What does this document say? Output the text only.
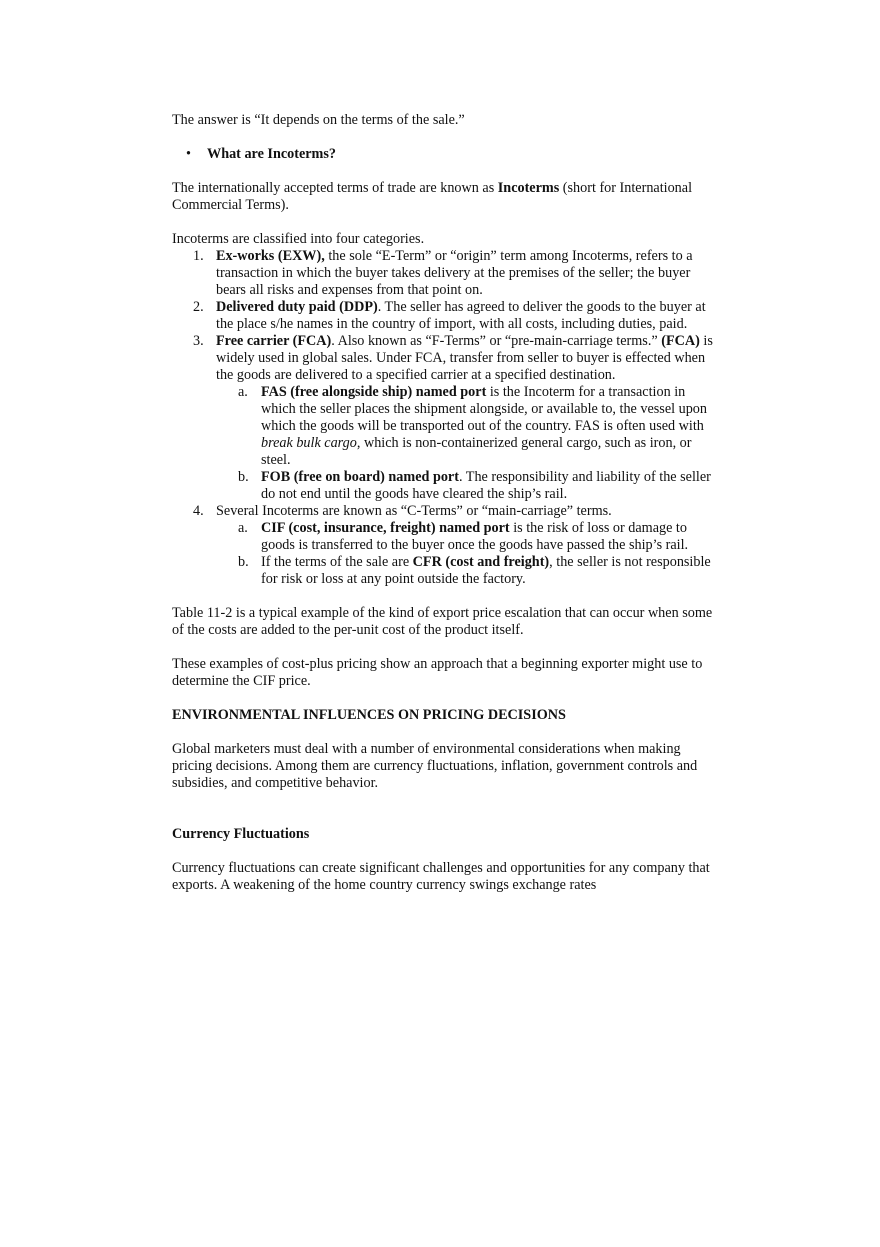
The answer is “It depends on the terms of the sale.”

• What are Incoterms?

The internationally accepted terms of trade are known as Incoterms (short for International Commercial Terms).

Incoterms are classified into four categories.

1. Ex-works (EXW), the sole “E-Term” or “origin” term among Incoterms, refers to a transaction in which the buyer takes delivery at the premises of the seller; the buyer bears all risks and expenses from that point on.
2. Delivered duty paid (DDP). The seller has agreed to deliver the goods to the buyer at the place s/he names in the country of import, with all costs, including duties, paid.
3. Free carrier (FCA). Also known as “F-Terms” or “pre-main-carriage terms.” (FCA) is widely used in global sales. Under FCA, transfer from seller to buyer is effected when the goods are delivered to a specified carrier at a specified destination.
a. FAS (free alongside ship) named port is the Incoterm for a transaction in which the seller places the shipment alongside, or available to, the vessel upon which the goods will be transported out of the country. FAS is often used with break bulk cargo, which is non-containerized general cargo, such as iron, or steel.
b. FOB (free on board) named port. The responsibility and liability of the seller do not end until the goods have cleared the ship’s rail.
4. Several Incoterms are known as “C-Terms” or “main-carriage” terms.
a. CIF (cost, insurance, freight) named port is the risk of loss or damage to goods is transferred to the buyer once the goods have passed the ship’s rail.
b. If the terms of the sale are CFR (cost and freight), the seller is not responsible for risk or loss at any point outside the factory.

Table 11-2 is a typical example of the kind of export price escalation that can occur when some of the costs are added to the per-unit cost of the product itself.

These examples of cost-plus pricing show an approach that a beginning exporter might use to determine the CIF price.

ENVIRONMENTAL INFLUENCES ON PRICING DECISIONS

Global marketers must deal with a number of environmental considerations when making pricing decisions. Among them are currency fluctuations, inflation, government controls and subsidies, and competitive behavior.

Currency Fluctuations

Currency fluctuations can create significant challenges and opportunities for any company that exports. A weakening of the home country currency swings exchange rates
